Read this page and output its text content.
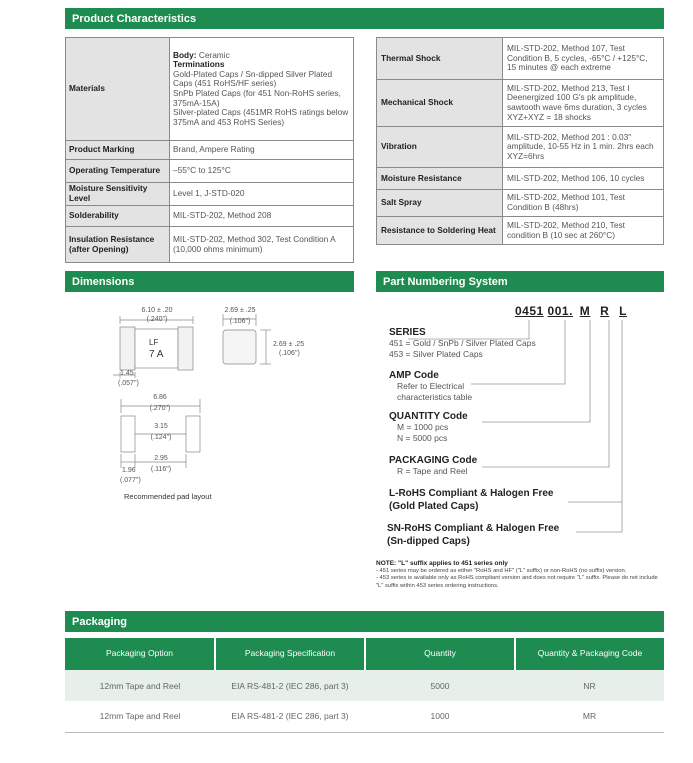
Product Characteristics
Dimensions	Part Numbering System
Packaging
Materials	Body: Ceramic
Terminations
Gold-Plated Caps / Sn-dipped Silver Plated Caps (451 RoHS/HF series)
SnPb Plated Caps (for 451 Non-RoHS series, 375mA-15A)
Silver-plated Caps (451MR RoHS ratings below 375mA and 453 RoHS Series)
Product Marking	Brand, Ampere Rating
Operating Temperature	–55°C to 125°C
Moisture Sensitivity Level	Level 1, J-STD-020
Solderability	MIL-STD-202, Method 208
Insulation Resistance (after Opening)	MIL-STD-202, Method 302, Test Condition A (10,000 ohms minimum)
Thermal Shock	MIL-STD-202, Method 107, Test Condition B, 5 cycles, -65°C / +125°C, 15 minutes @ each extreme
Mechanical Shock	MIL-STD-202, Method 213, Test I Deenergized 100 G's pk amplitude, sawtooth wave 6ms duration, 3 cycles XYZ+XYZ = 18 shocks
Vibration	MIL-STD-202, Method 201 : 0.03" amplitude, 10-55 Hz in 1 min. 2hrs each XYZ=6hrs
Moisture Resistance	MIL-STD-202, Method 106, 10 cycles
Salt Spray	MIL-STD-202, Method 101, Test Condition B (48hrs)
Resistance to Soldering Heat	MIL-STD-202, Method 210, Test condition B (10 sec at 260°C)
LF
7 A
6.10 ± .20
(.240")
2.69 ± .25
(.106")
2.69 ± .25
(.106")
1.45
(.057")
6.86
(.270")
3.15
(.124")
2.95
(.116")
1.96
(.077")
Recommended pad layout
0451 001. M R L
SERIES
451 = Gold / SnPb / Silver Plated Caps
453 = Silver Plated Caps
AMP Code
Refer to Electrical
characteristics table
QUANTITY Code
M = 1000 pcs
N = 5000 pcs
PACKAGING Code
R = Tape and Reel
L-RoHS Compliant & Halogen Free
(Gold Plated Caps)
SN-RoHS Compliant & Halogen Free
(Sn-dipped Caps)
NOTE: "L" suffix applies to 451 series only
- 451 series may be ordered as either "RoHS and HF" ("L" suffix) or non-RoHS (no suffix) version.
- 453 series is available only as RoHS compliant version and does not require "L" suffix. Please do not include "L" suffix within 453 series ordering instructions.
Packaging Option	Packaging Specification	Quantity	Quantity & Packaging Code
12mm Tape and Reel	EIA RS-481-2 (IEC 286, part 3)	5000	NR
12mm Tape and Reel	EIA RS-481-2 (IEC 286, part 3)	1000	MR
